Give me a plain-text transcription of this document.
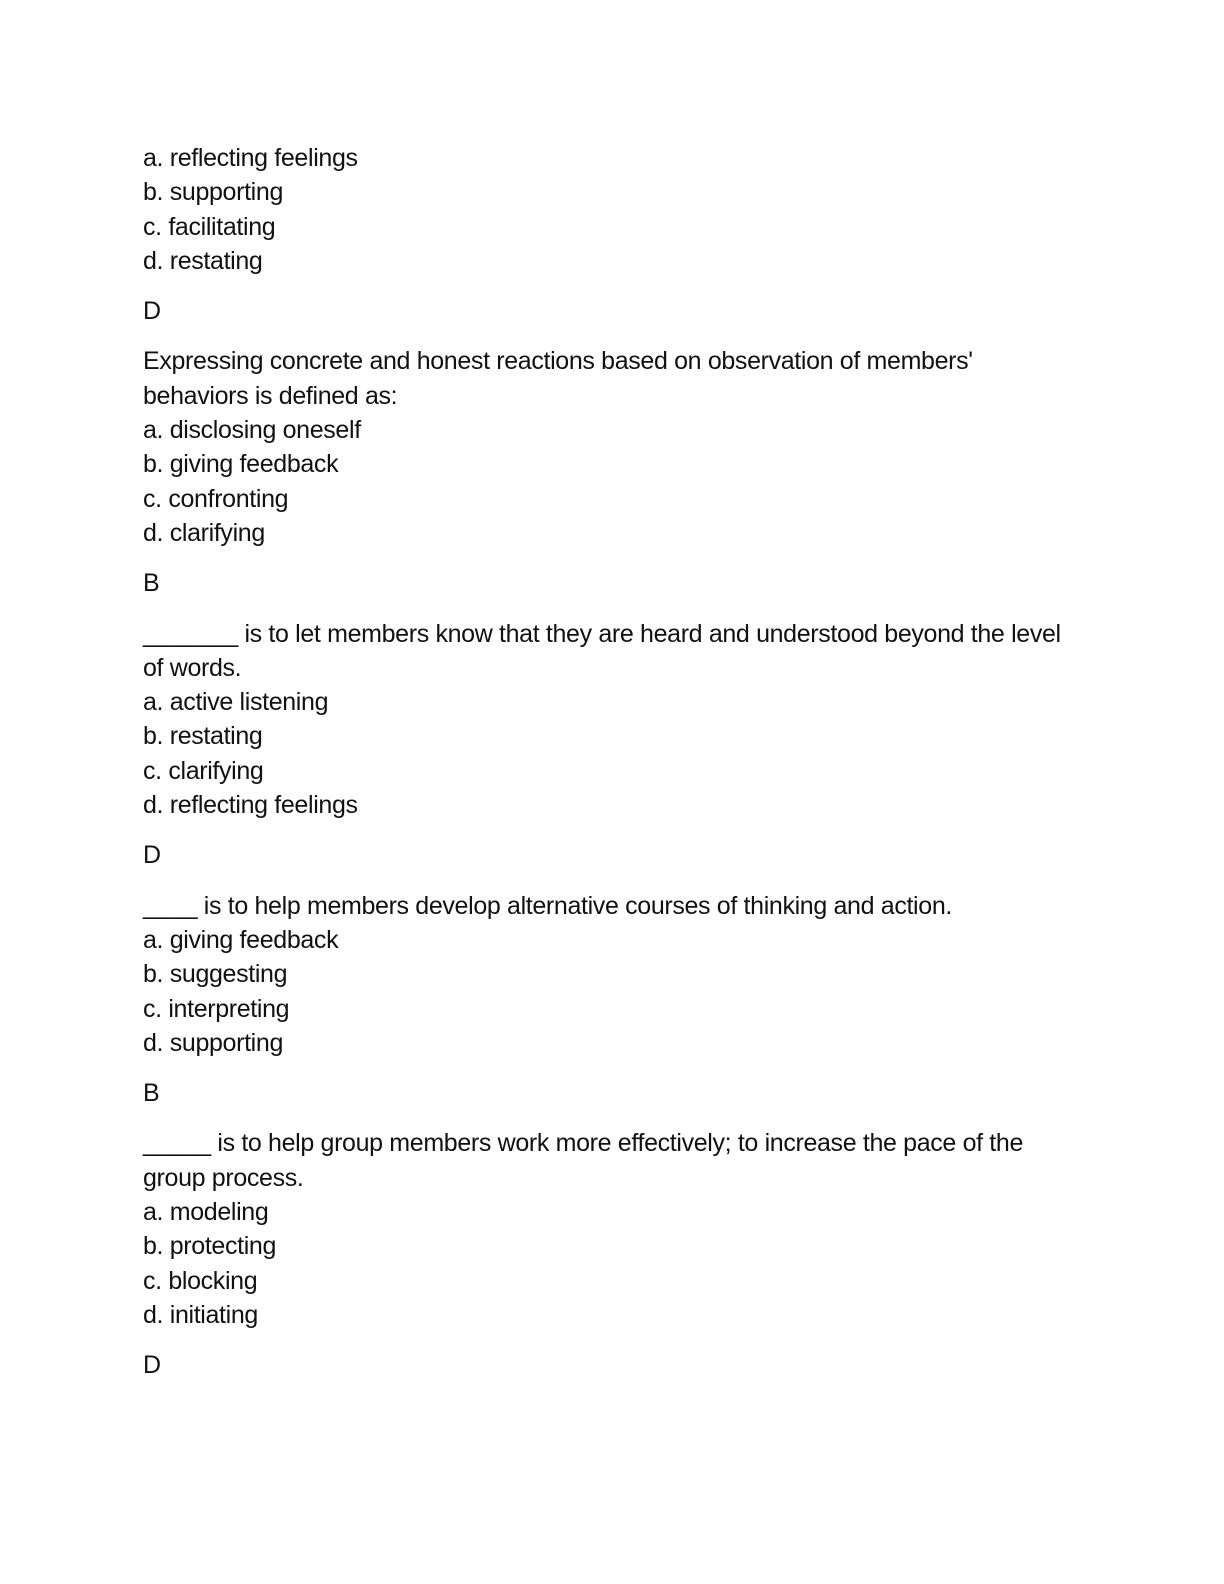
a. reflecting feelings
b. supporting
c. facilitating
d. restating
D
Expressing concrete and honest reactions based on observation of members' behaviors is defined as:
a. disclosing oneself
b. giving feedback
c. confronting
d. clarifying
B
_______ is to let members know that they are heard and understood beyond the level of words.
a. active listening
b. restating
c. clarifying
d. reflecting feelings
D
____ is to help members develop alternative courses of thinking and action.
a. giving feedback
b. suggesting
c. interpreting
d. supporting
B
_____ is to help group members work more effectively; to increase the pace of the group process.
a. modeling
b. protecting
c. blocking
d. initiating
D
